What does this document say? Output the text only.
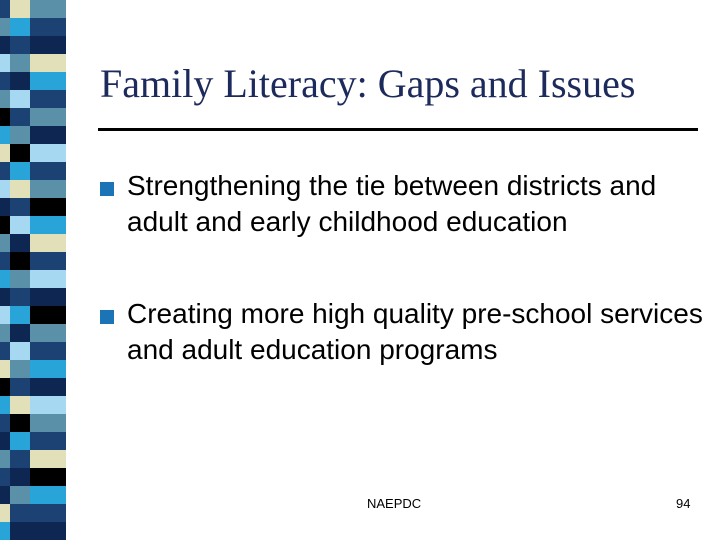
Family Literacy: Gaps and Issues
Strengthening the tie between districts and adult and early childhood education
Creating more high quality pre-school services and adult education programs
NAEPDC	94
